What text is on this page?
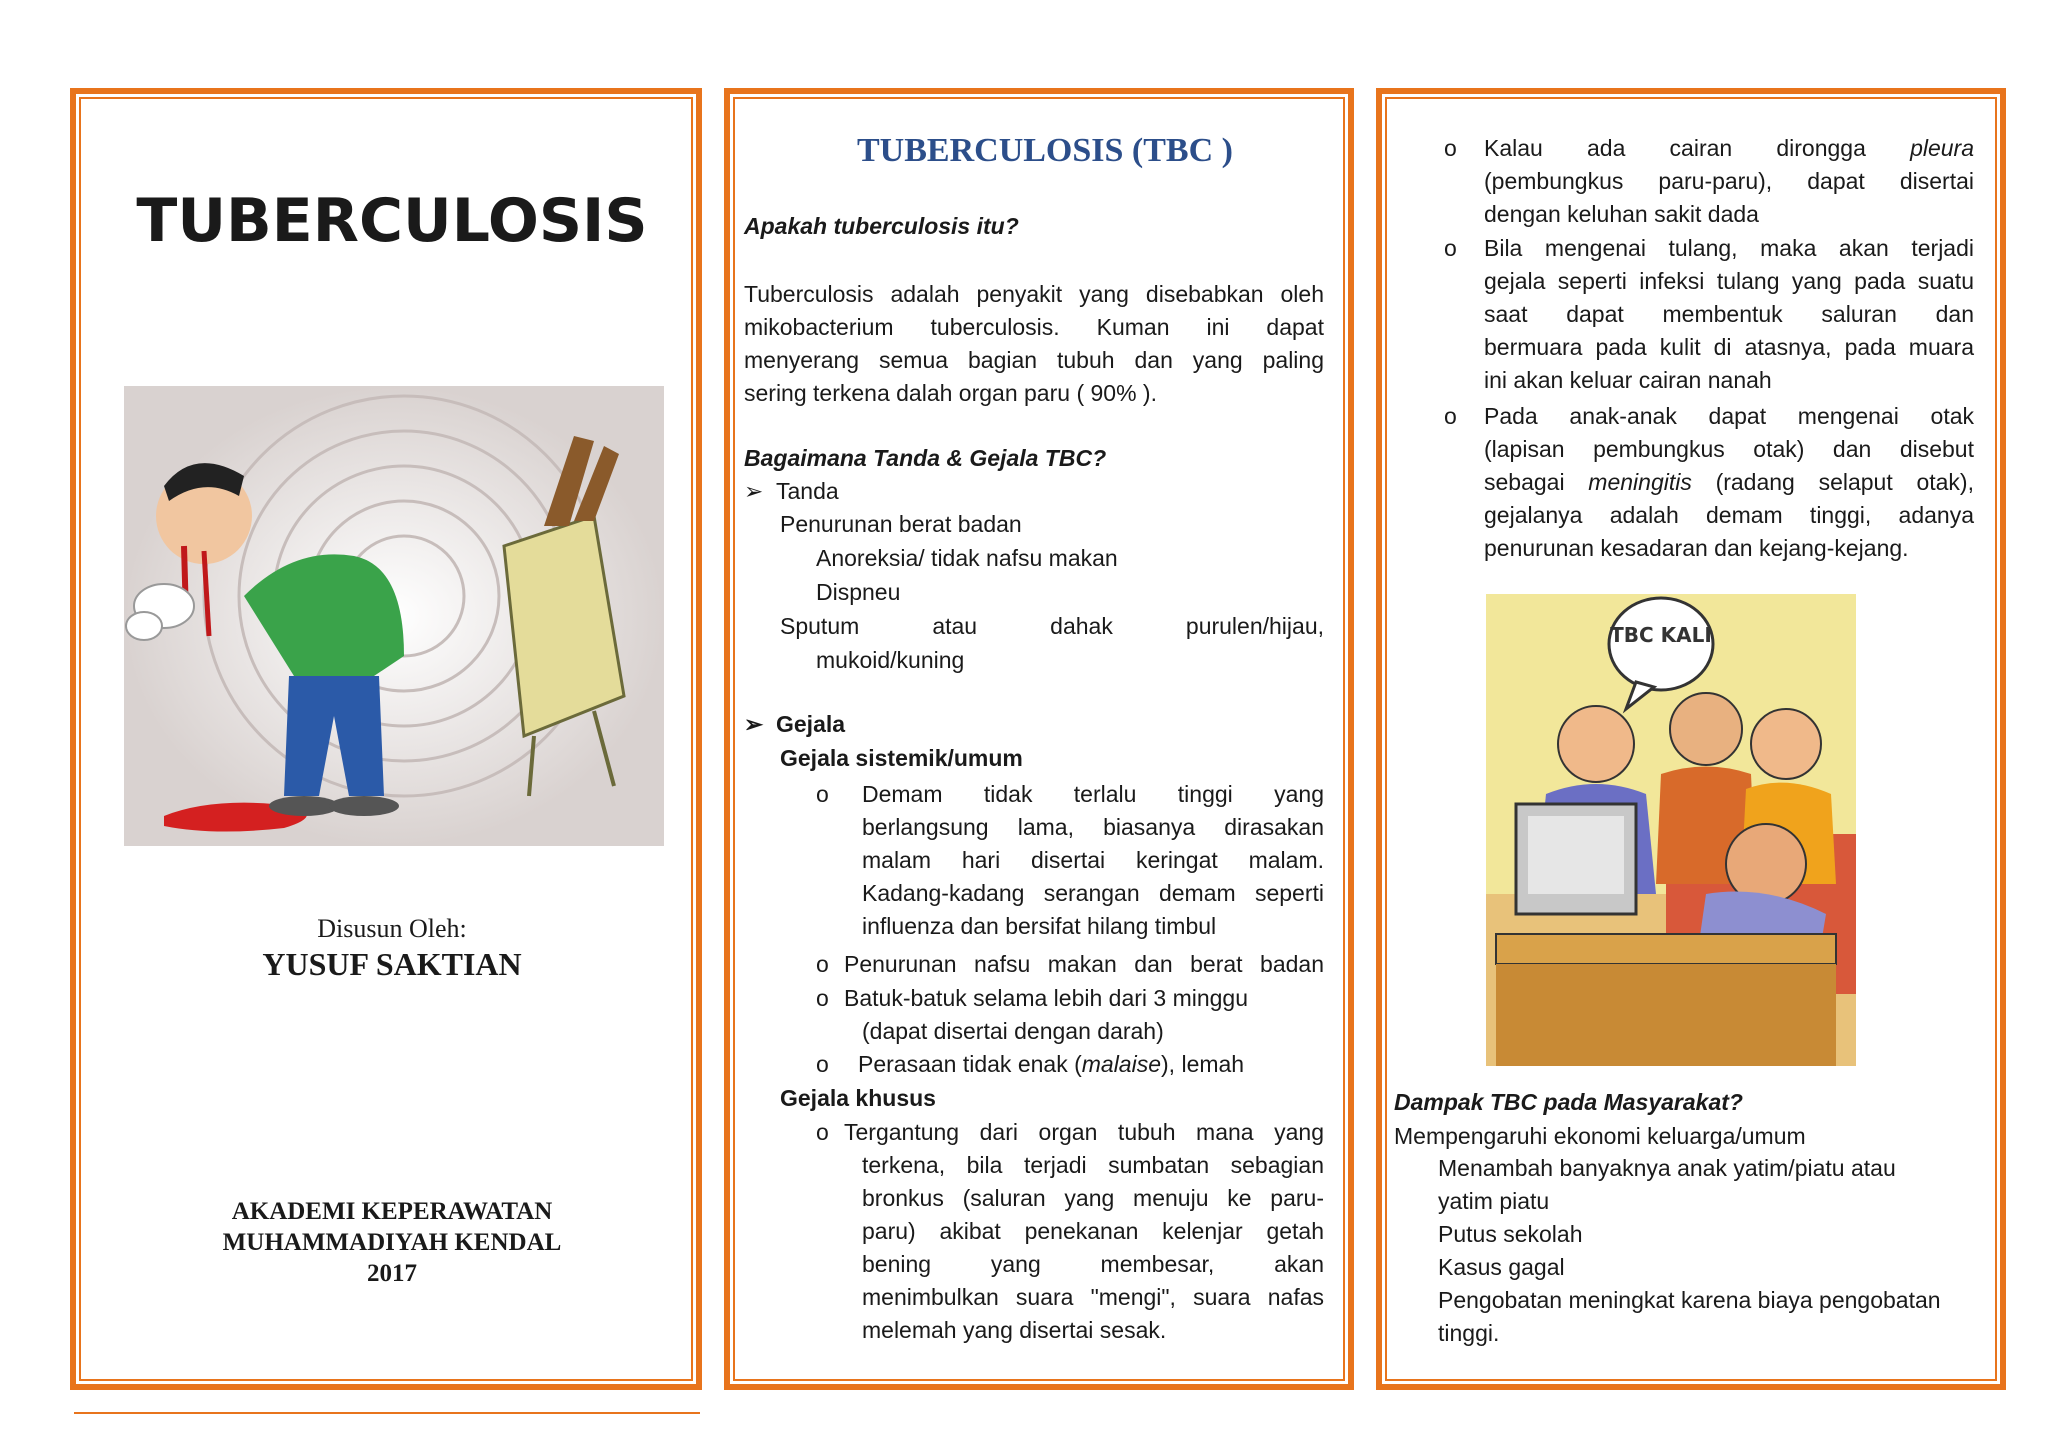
TUBERCULOSIS
Disusun Oleh:
YUSUF SAKTIAN
AKADEMI KEPERAWATAN
MUHAMMADIYAH KENDAL
2017
TUBERCULOSIS (TBC )
Apakah tuberculosis itu?
Tuberculosis adalah penyakit yang disebabkan oleh
mikobacterium tuberculosis. Kuman ini dapat
menyerang semua bagian tubuh dan yang paling
sering terkena dalah organ paru ( 90% ).
Bagaimana Tanda & Gejala TBC?
➢ Tanda
Penurunan berat badan
Anoreksia/ tidak nafsu makan
Dispneu
Sputum atau dahak purulen/hijau,
mukoid/kuning
➢ Gejala
Gejala sistemik/umum
o Demam tidak terlalu tinggi yang
berlangsung lama, biasanya dirasakan
malam hari disertai keringat malam.
Kadang-kadang serangan demam seperti
influenza dan bersifat hilang timbul
o Penurunan nafsu makan dan berat badan
o Batuk-batuk selama lebih dari 3 minggu
(dapat disertai dengan darah)
o Perasaan tidak enak (malaise), lemah
Gejala khusus
o Tergantung dari organ tubuh mana yang
terkena, bila terjadi sumbatan sebagian
bronkus (saluran yang menuju ke paru-
paru) akibat penekanan kelenjar getah
bening yang membesar, akan
menimbulkan suara "mengi", suara nafas
melemah yang disertai sesak.
o Kalau ada cairan dirongga pleura
(pembungkus paru-paru), dapat disertai
dengan keluhan sakit dada
o Bila mengenai tulang, maka akan terjadi
gejala seperti infeksi tulang yang pada suatu
saat dapat membentuk saluran dan
bermuara pada kulit di atasnya, pada muara
ini akan keluar cairan nanah
o Pada anak-anak dapat mengenai otak
(lapisan pembungkus otak) dan disebut
sebagai meningitis (radang selaput otak),
gejalanya adalah demam tinggi, adanya
penurunan kesadaran dan kejang-kejang.
TBC KALI
Dampak TBC pada Masyarakat?
Mempengaruhi ekonomi keluarga/umum
Menambah banyaknya anak yatim/piatu atau
yatim piatu
Putus sekolah
Kasus gagal
Pengobatan meningkat karena biaya pengobatan
tinggi.
